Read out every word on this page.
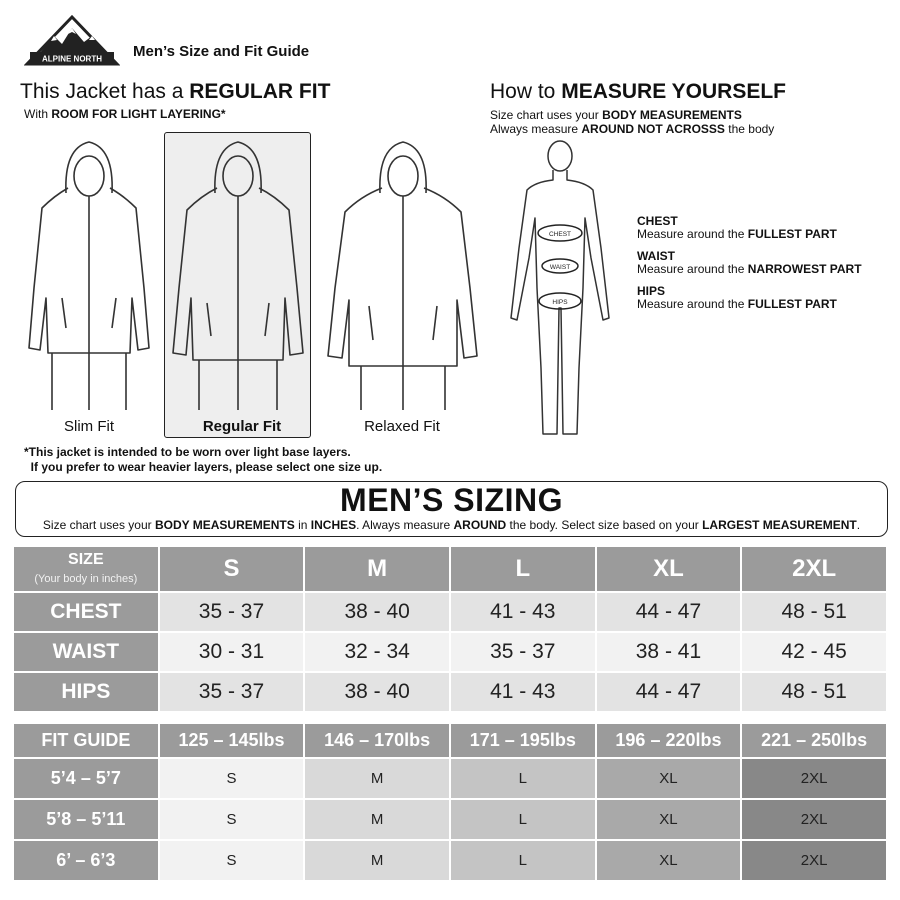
ALPINE NORTH Men’s Size and Fit Guide
This Jacket has a REGULAR FIT
With ROOM FOR LIGHT LAYERING*
Slim Fit	Regular Fit	Relaxed Fit
*This jacket is intended to be worn over light base layers.
If you prefer to wear heavier layers, please select one size up.
How to MEASURE YOURSELF
Size chart uses your BODY MEASUREMENTS
Always measure AROUND NOT ACROSSS the body
CHEST
WAIST
HIPS
CHEST
Measure around the FULLEST PART
WAIST
Measure around the NARROWEST PART
HIPS
Measure around the FULLEST PART
MEN’S SIZING
Size chart uses your BODY MEASUREMENTS in INCHES. Always measure AROUND the body. Select size based on your LARGEST MEASUREMENT.
SIZE
(Your body in inches)	S	M	L	XL	2XL
CHEST	35 - 37	38 - 40	41 - 43	44 - 47	48 - 51
WAIST	30 - 31	32 - 34	35 - 37	38 - 41	42 - 45
HIPS	35 - 37	38 - 40	41 - 43	44 - 47	48 - 51
FIT GUIDE	125 – 145lbs	146 – 170lbs	171 – 195lbs	196 – 220lbs	221 – 250lbs
5’4 – 5’7	S	M	L	XL	2XL
5’8 – 5’11	S	M	L	XL	2XL
6’ – 6’3	S	M	L	XL	2XL
